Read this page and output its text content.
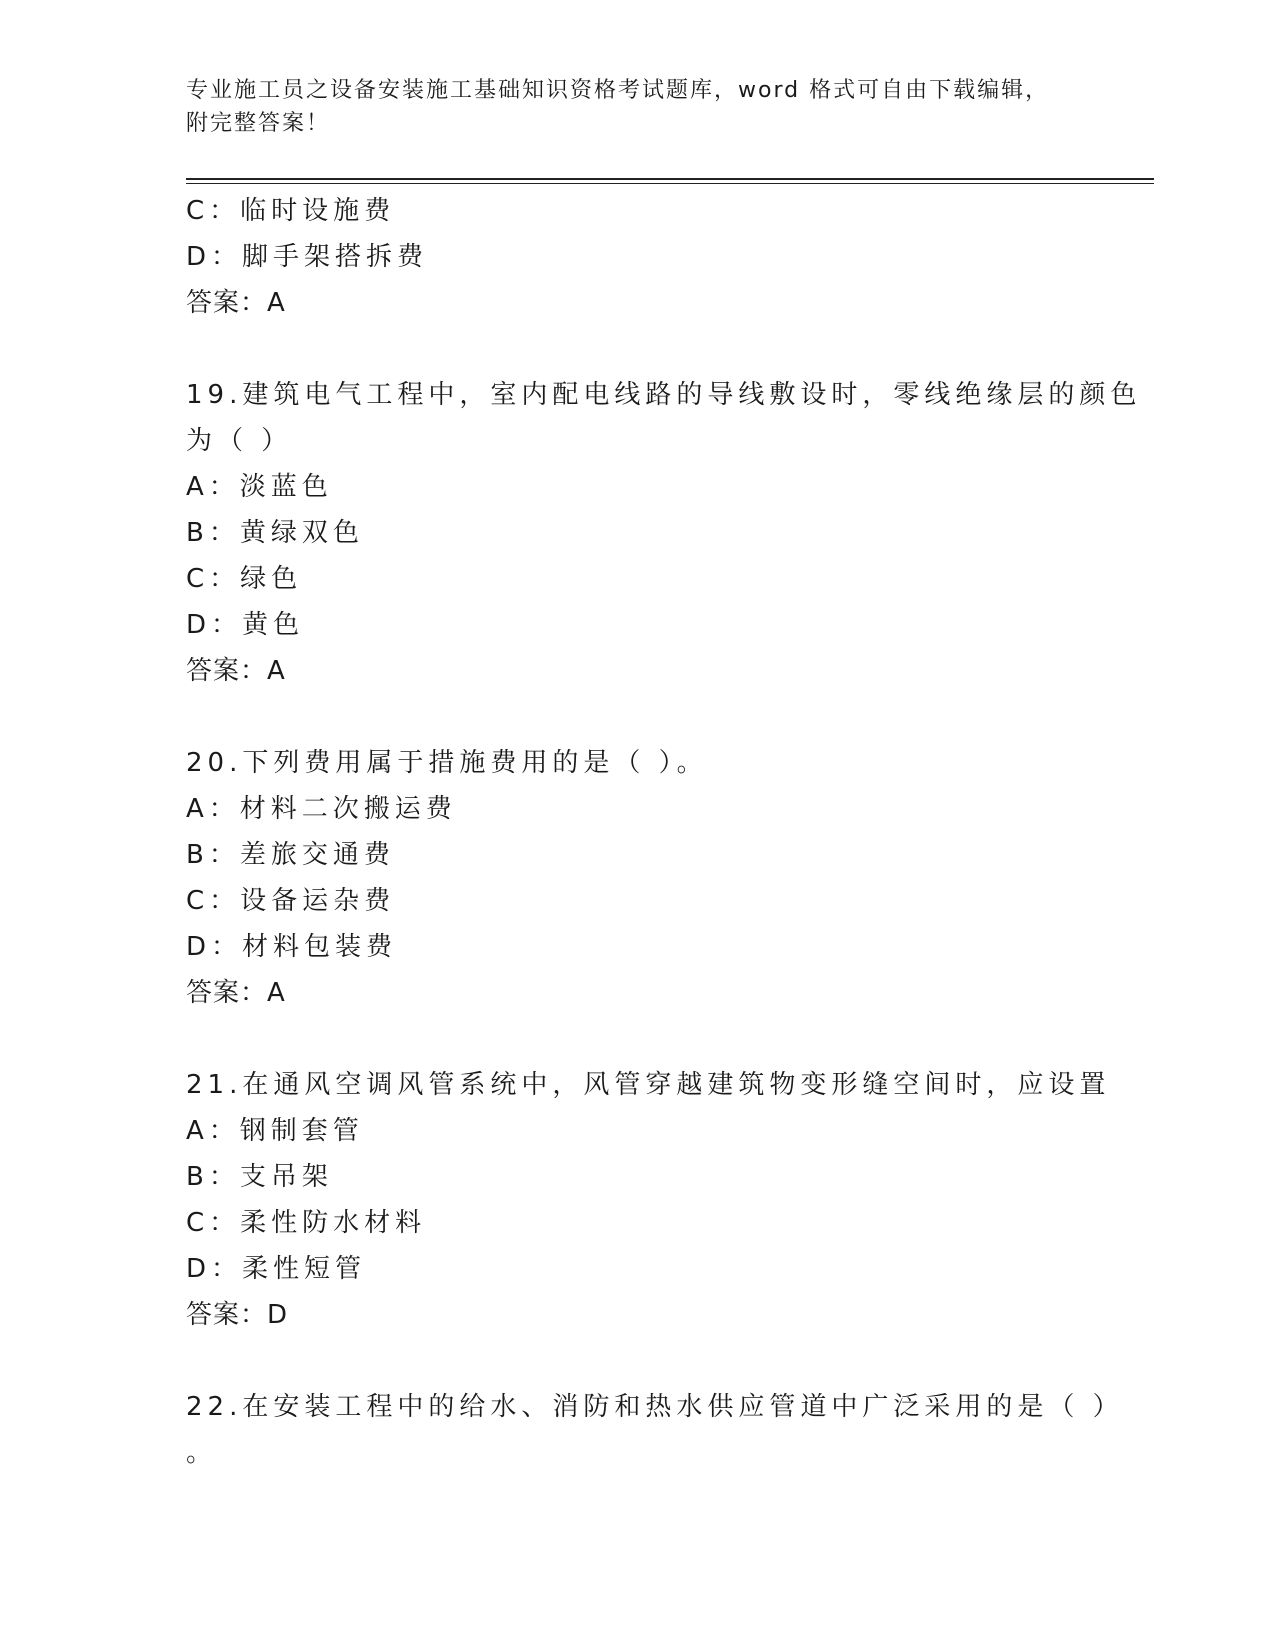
专业施工员之设备安装施工基础知识资格考试题库，word 格式可自由下载编辑，
附完整答案！
C：临时设施费
D：脚手架搭拆费
答案：A
19.建筑电气工程中，室内配电线路的导线敷设时，零线绝缘层的颜色
为（ ）
A：淡蓝色
B：黄绿双色
C：绿色
D：黄色
答案：A
20.下列费用属于措施费用的是（ ）。
A：材料二次搬运费
B：差旅交通费
C：设备运杂费
D：材料包装费
答案：A
21.在通风空调风管系统中，风管穿越建筑物变形缝空间时，应设置
A：钢制套管
B：支吊架
C：柔性防水材料
D：柔性短管
答案：D
22.在安装工程中的给水、消防和热水供应管道中广泛采用的是（ ）
。
